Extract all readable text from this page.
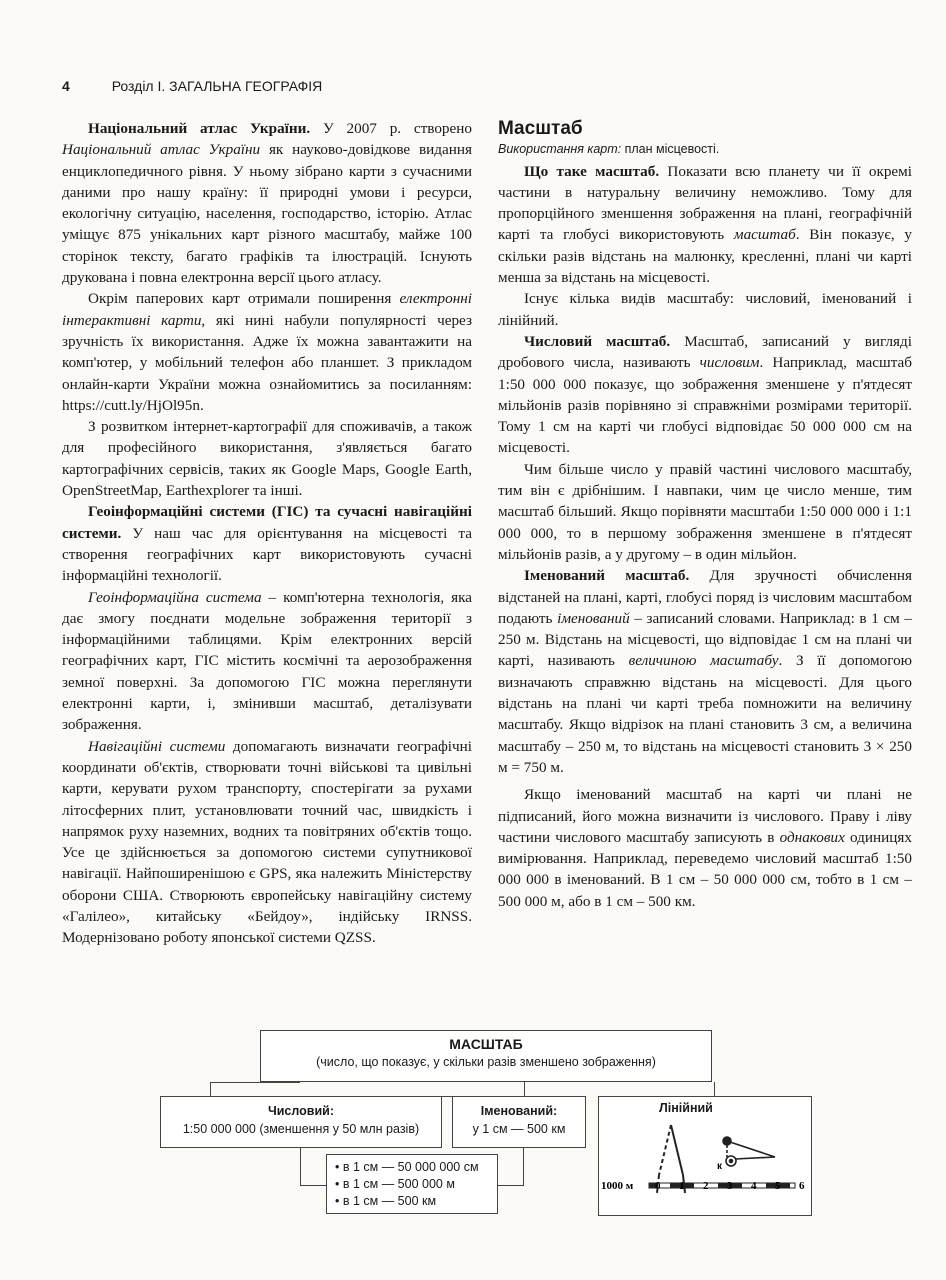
4	Розділ І. ЗАГАЛЬНА ГЕОГРАФІЯ

Національний атлас України. У 2007 р. створено Національний атлас України як науково-довідкове видання енциклопедичного рівня. У ньому зібрано карти з сучасними даними про нашу країну: її природні умови і ресурси, екологічну ситуацію, населення, господарство, історію. Атлас уміщує 875 унікальних карт різного масштабу, майже 100 сторінок тексту, багато графіків та ілюстрацій. Існують друкована і повна електронна версії цього атласу.

Окрім паперових карт отримали поширення електронні інтерактивні карти, які нині набули популярності через зручність їх використання. Адже їх можна завантажити на комп'ютер, у мобільний телефон або планшет. З прикладом онлайн-карти України можна ознайомитись за посиланням: https://cutt.ly/HjOl95n.

З розвитком інтернет-картографії для споживачів, а також для професійного використання, з'являється багато картографічних сервісів, таких як Google Maps, Google Earth, OpenStreetMap, Earthexplorer та інші.

Геоінформаційні системи (ГІС) та сучасні навігаційні системи. У наш час для орієнтування на місцевості та створення географічних карт використовують сучасні інформаційні технології.

Геоінформаційна система – комп'ютерна технологія, яка дає змогу поєднати модельне зображення території з інформаційними таблицями. Крім електронних версій географічних карт, ГІС містить космічні та аерозображення земної поверхні. За допомогою ГІС можна переглянути електронні карти, і, змінивши масштаб, деталізувати зображення.

Навігаційні системи допомагають визначати географічні координати об'єктів, створювати точні військові та цивільні карти, керувати рухом транспорту, спостерігати за рухами літосферних плит, установлювати точний час, швидкість і напрямок руху наземних, водних та повітряних об'єктів тощо. Усе це здійснюється за допомогою системи супутникової навігації. Найпоширенішою є GPS, яка належить Міністерству оборони США. Створюють європейську навігаційну систему «Галілео», китайську «Бейдоу», індійську IRNSS. Модернізовано роботу японської системи QZSS.

Масштаб

Використання карт: план місцевості.

Що таке масштаб. Показати всю планету чи її окремі частини в натуральну величину неможливо. Тому для пропорційного зменшення зображення на плані, географічній карті та глобусі використовують масштаб. Він показує, у скільки разів відстань на малюнку, кресленні, плані чи карті менша за відстань на місцевості.

Існує кілька видів масштабу: числовий, іменований і лінійний.

Числовий масштаб. Масштаб, записаний у вигляді дробового числа, називають числовим. Наприклад, масштаб 1:50 000 000 показує, що зображення зменшене у п'ятдесят мільйонів разів порівняно зі справжніми розмірами території. Тому 1 см на карті чи глобусі відповідає 50 000 000 см на місцевості.

Чим більше число у правій частині числового масштабу, тим він є дрібнішим. І навпаки, чим це число менше, тим масштаб більший. Якщо порівняти масштаби 1:50 000 000 і 1:1 000 000, то в першому зображення зменшене в п'ятдесят мільйонів разів, а у другому – в один мільйон.

Іменований масштаб. Для зручності обчислення відстаней на плані, карті, глобусі поряд із числовим масштабом подають іменований – записаний словами. Наприклад: в 1 см – 250 м. Відстань на місцевості, що відповідає 1 см на плані чи карті, називають величиною масштабу. З її допомогою визначають справжню відстань на місцевості. Для цього відстань на плані чи карті треба помножити на величину масштабу. Якщо відрізок на плані становить 3 см, а величина масштабу – 250 м, то відстань на місцевості становить 3 × 250 м = 750 м.

Якщо іменований масштаб на карті чи плані не підписаний, його можна визначити із числового. Праву і ліву частини числового масштабу записують в однакових одиницях вимірювання. Наприклад, переведемо числовий масштаб 1:50 000 000 в іменований. В 1 см – 50 000 000 см, тобто в 1 см – 500 000 м, або в 1 см – 500 км.

МАСШТАБ
(число, що показує, у скільки разів зменшено зображення)
Числовий:
1:50 000 000 (зменшення у 50 млн разів)
Іменований:
у 1 см — 500 км
• в 1 см — 50 000 000 см
• в 1 см — 500 000 м
• в 1 см — 500 км
Лінійний
к
1000 м 0 1 2 3 4 5 6
